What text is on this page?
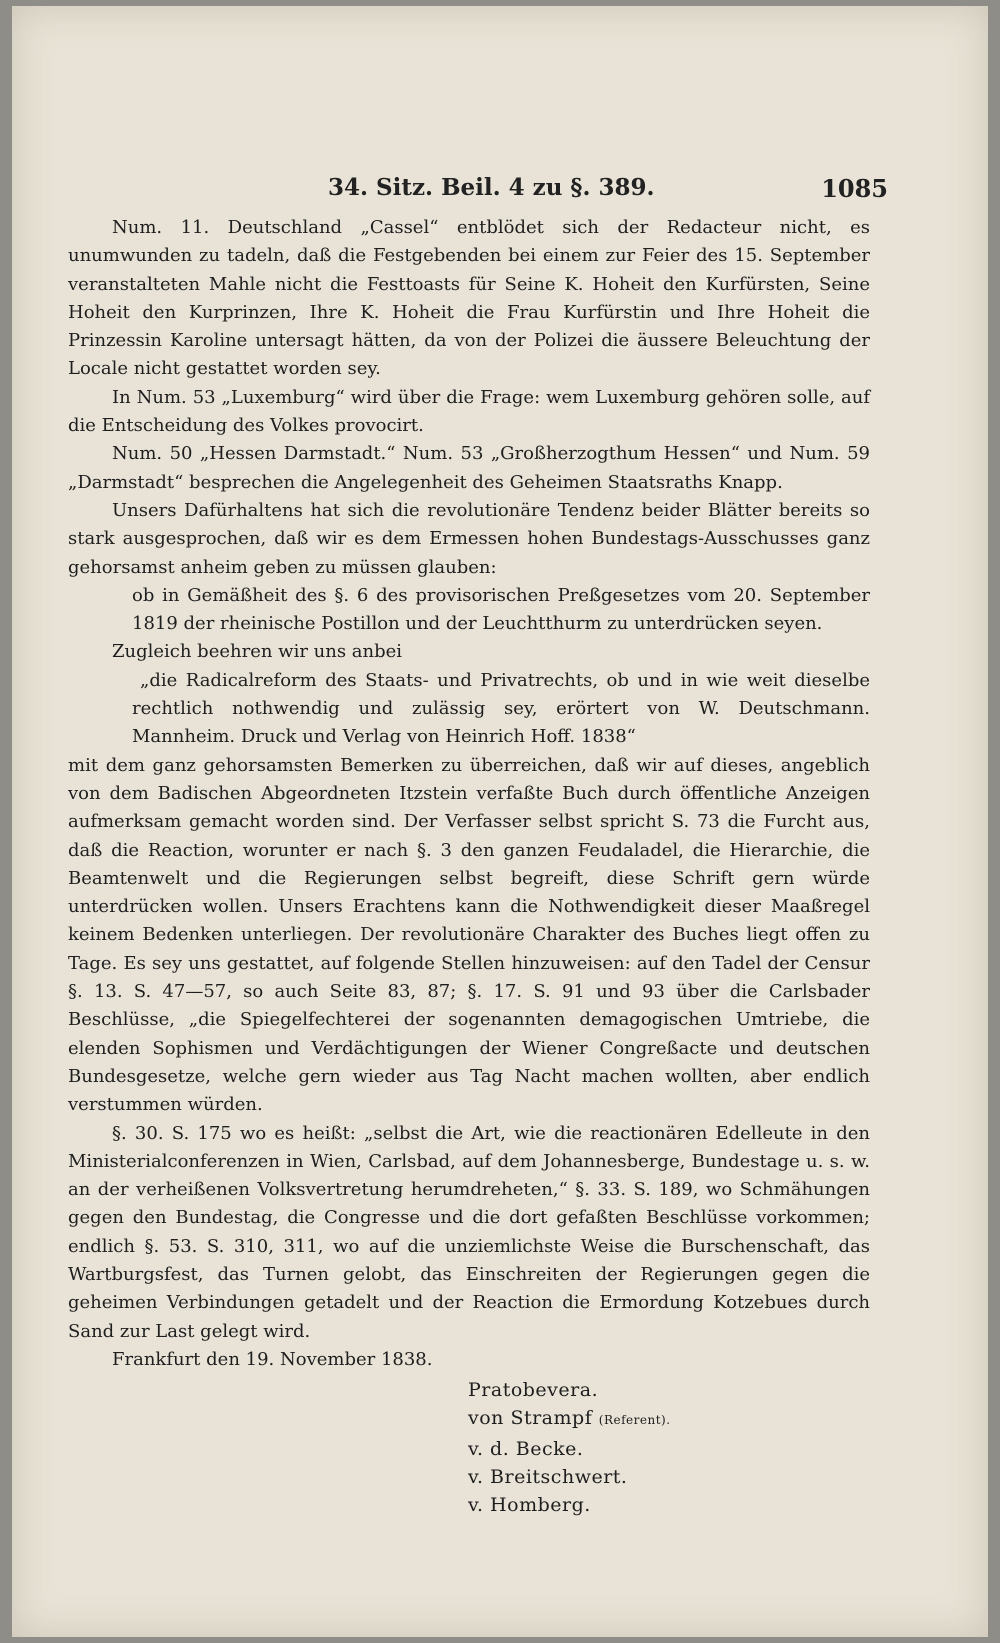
34. Sitz. Beil. 4 zu §. 389.	1085

Num. 11. Deutschland „Cassel“ entblödet sich der Redacteur nicht, es unumwunden zu tadeln, daß die Festgebenden bei einem zur Feier des 15. September veranstalteten Mahle nicht die Festtoasts für Seine K. Hoheit den Kurfürsten, Seine Hoheit den Kurprinzen, Ihre K. Hoheit die Frau Kurfürstin und Ihre Hoheit die Prinzessin Karoline untersagt hätten, da von der Polizei die äussere Beleuchtung der Locale nicht gestattet worden sey.

In Num. 53 „Luxemburg“ wird über die Frage: wem Luxemburg gehören solle, auf die Entscheidung des Volkes provocirt.

Num. 50 „Hessen Darmstadt.“ Num. 53 „Großherzogthum Hessen“ und Num. 59 „Darmstadt“ besprechen die Angelegenheit des Geheimen Staatsraths Knapp.

Unsers Dafürhaltens hat sich die revolutionäre Tendenz beider Blätter bereits so stark ausgesprochen, daß wir es dem Ermessen hohen Bundestags-Ausschusses ganz gehorsamst anheim geben zu müssen glauben:

ob in Gemäßheit des §. 6 des provisorischen Preßgesetzes vom 20. September 1819 der rheinische Postillon und der Leuchtthurm zu unterdrücken seyen.

Zugleich beehren wir uns anbei

„die Radicalreform des Staats- und Privatrechts, ob und in wie weit dieselbe rechtlich nothwendig und zulässig sey, erörtert von W. Deutschmann. Mannheim. Druck und Verlag von Heinrich Hoff. 1838“

mit dem ganz gehorsamsten Bemerken zu überreichen, daß wir auf dieses, angeblich von dem Badischen Abgeordneten Itzstein verfaßte Buch durch öffentliche Anzeigen aufmerksam gemacht worden sind. Der Verfasser selbst spricht S. 73 die Furcht aus, daß die Reaction, worunter er nach §. 3 den ganzen Feudaladel, die Hierarchie, die Beamtenwelt und die Regierungen selbst begreift, diese Schrift gern würde unterdrücken wollen. Unsers Erachtens kann die Nothwendigkeit dieser Maaßregel keinem Bedenken unterliegen. Der revolutionäre Charakter des Buches liegt offen zu Tage. Es sey uns gestattet, auf folgende Stellen hinzuweisen: auf den Tadel der Censur §. 13. S. 47—57, so auch Seite 83, 87; §. 17. S. 91 und 93 über die Carlsbader Beschlüsse, „die Spiegelfechterei der sogenannten demagogischen Umtriebe, die elenden Sophismen und Verdächtigungen der Wiener Congreßacte und deutschen Bundesgesetze, welche gern wieder aus Tag Nacht machen wollten, aber endlich verstummen würden.

§. 30. S. 175 wo es heißt: „selbst die Art, wie die reactionären Edelleute in den Ministerialconferenzen in Wien, Carlsbad, auf dem Johannesberge, Bundestage u. s. w. an der verheißenen Volksvertretung herumdreheten,“ §. 33. S. 189, wo Schmähungen gegen den Bundestag, die Congresse und die dort gefaßten Beschlüsse vorkommen; endlich §. 53. S. 310, 311, wo auf die unziemlichste Weise die Burschenschaft, das Wartburgsfest, das Turnen gelobt, das Einschreiten der Regierungen gegen die geheimen Verbindungen getadelt und der Reaction die Ermordung Kotzebues durch Sand zur Last gelegt wird.

Frankfurt den 19. November 1838.

Pratobevera.
von Strampf (Referent).
v. d. Becke.
v. Breitschwert.
v. Homberg.
